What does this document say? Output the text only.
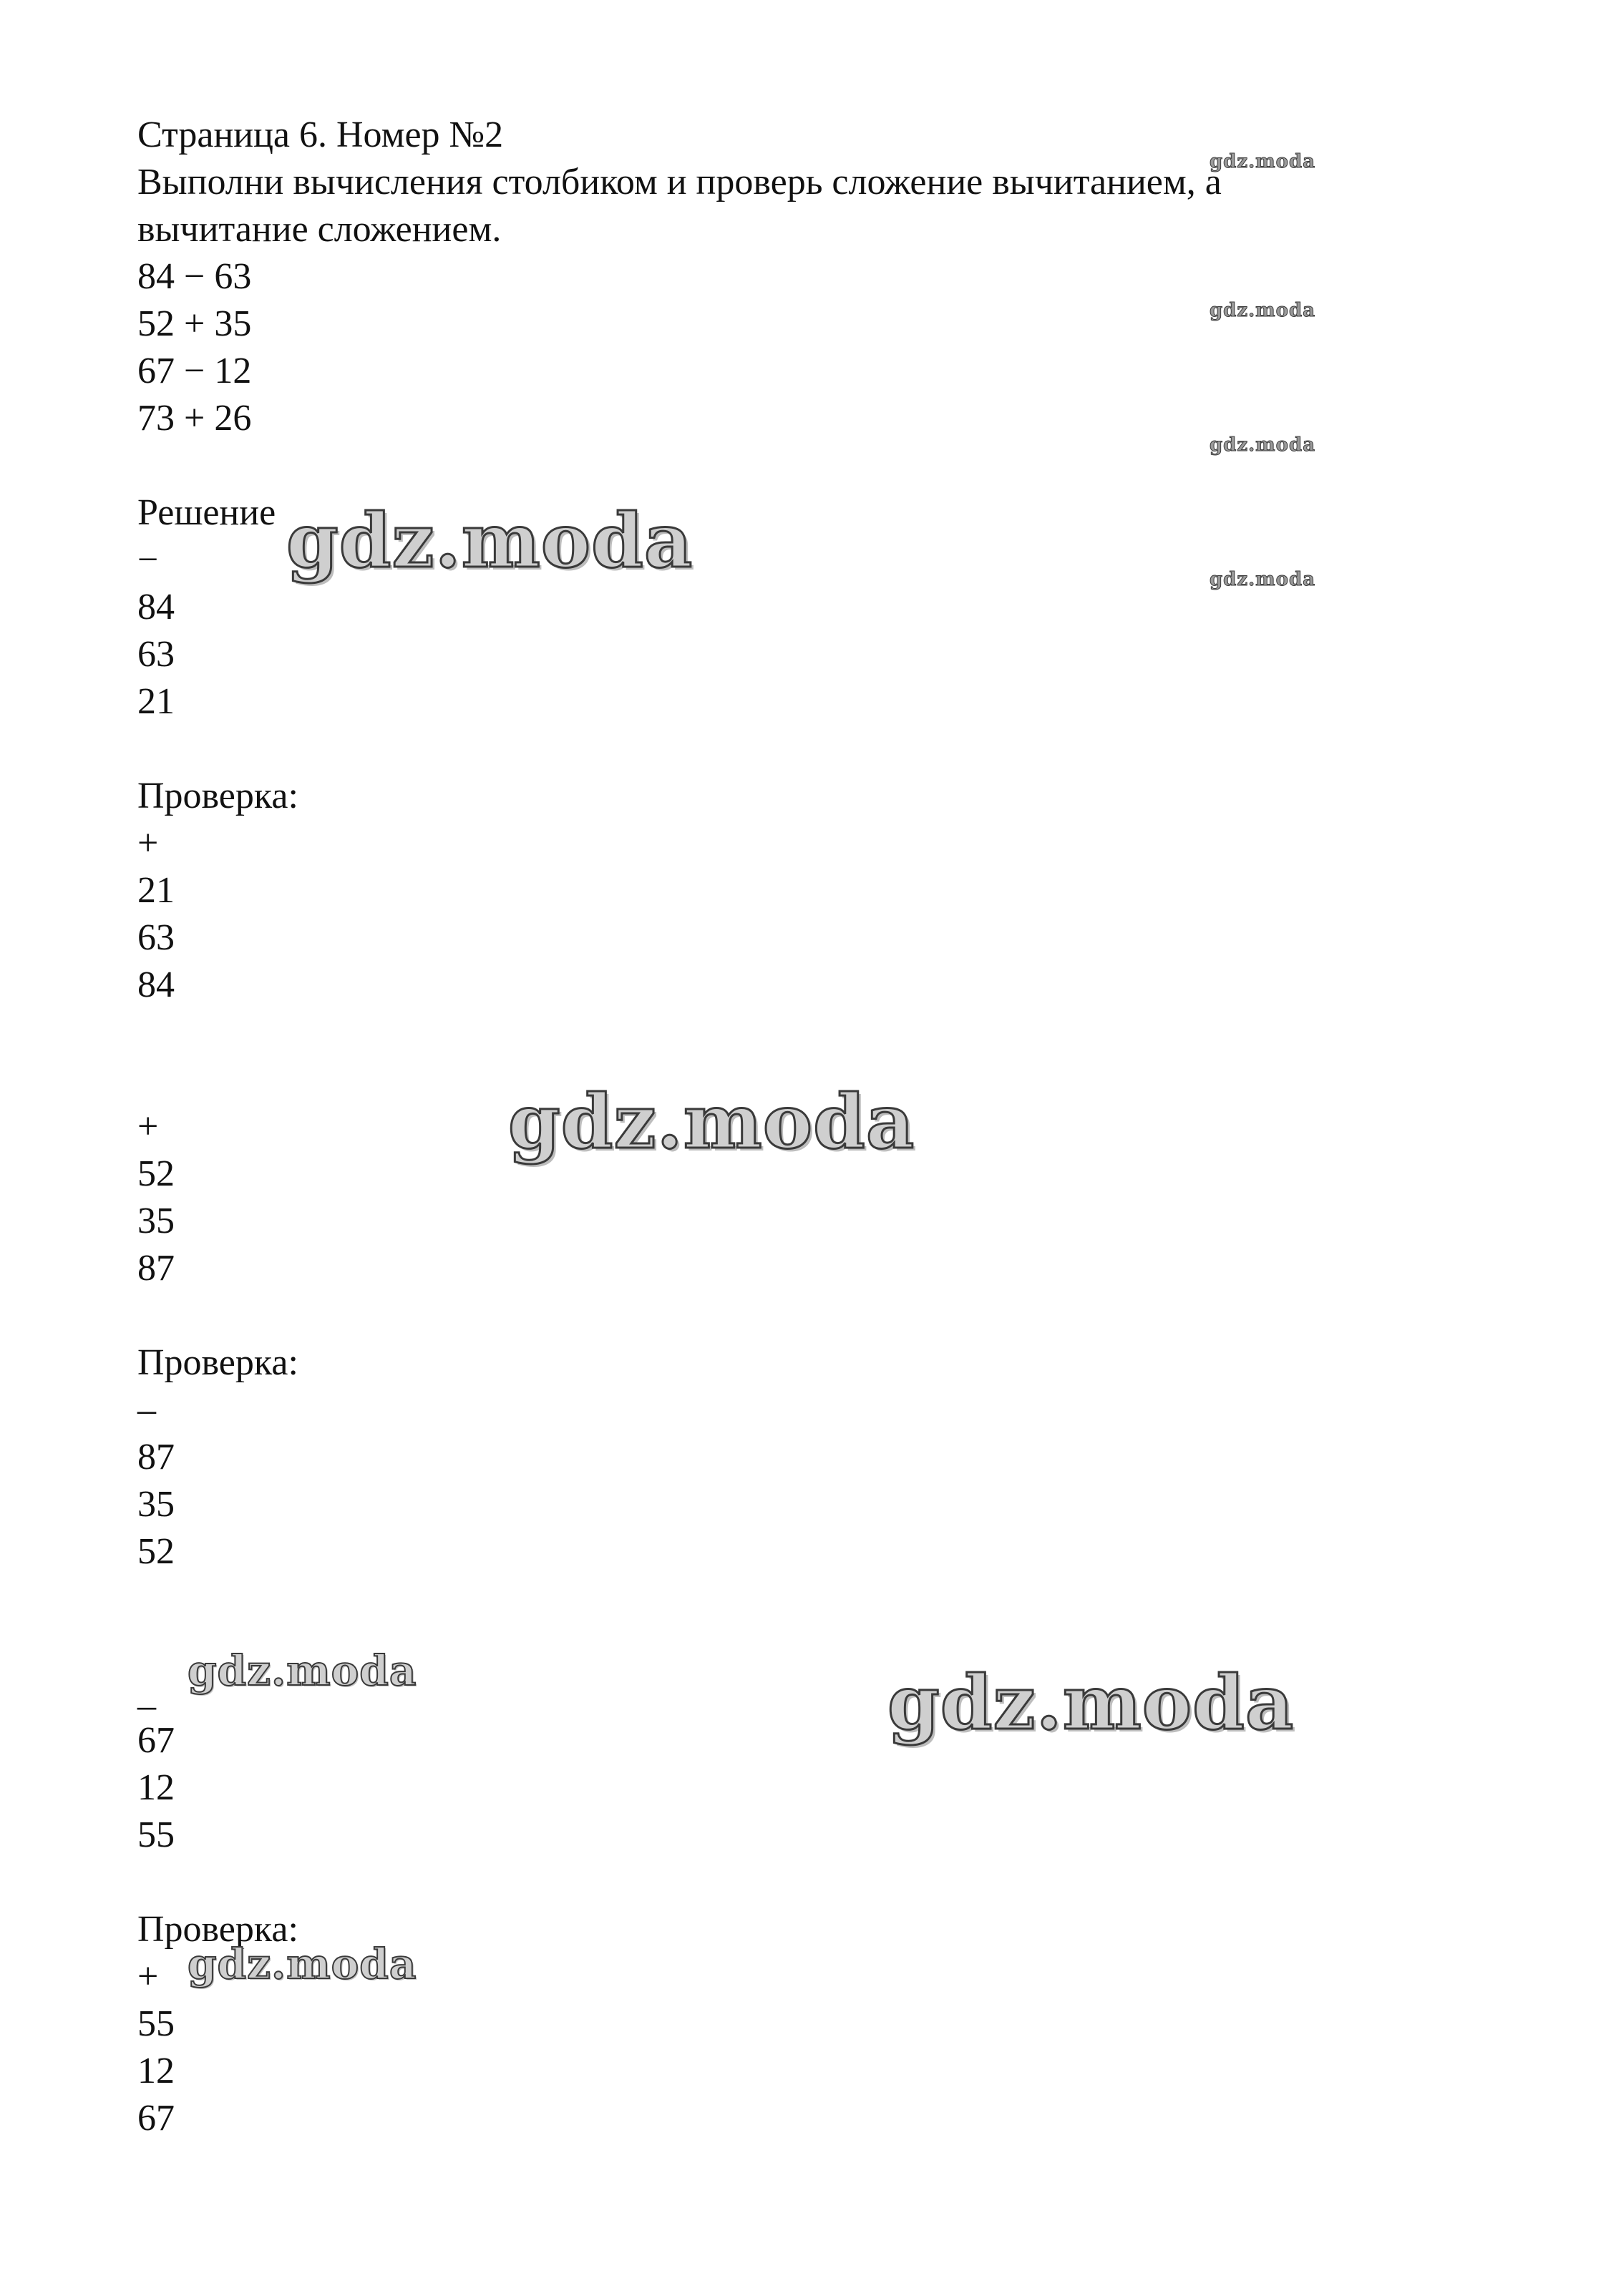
Страница 6. Номер №2
Выполни вычисления столбиком и проверь сложение вычитанием, а
вычитание сложением.
84 − 63
52 + 35
67 − 12
73 + 26
Решение
−
84
63
21
Проверка:
+
21
63
84
+
52
35
87
Проверка:
–
87
35
52
_
67
12
55
Проверка:
+
55
12
67
gdz.moda
gdz.moda
gdz.moda
gdz.moda
gdz.moda
gdz.moda
gdz.moda
gdz.moda
gdz.moda
